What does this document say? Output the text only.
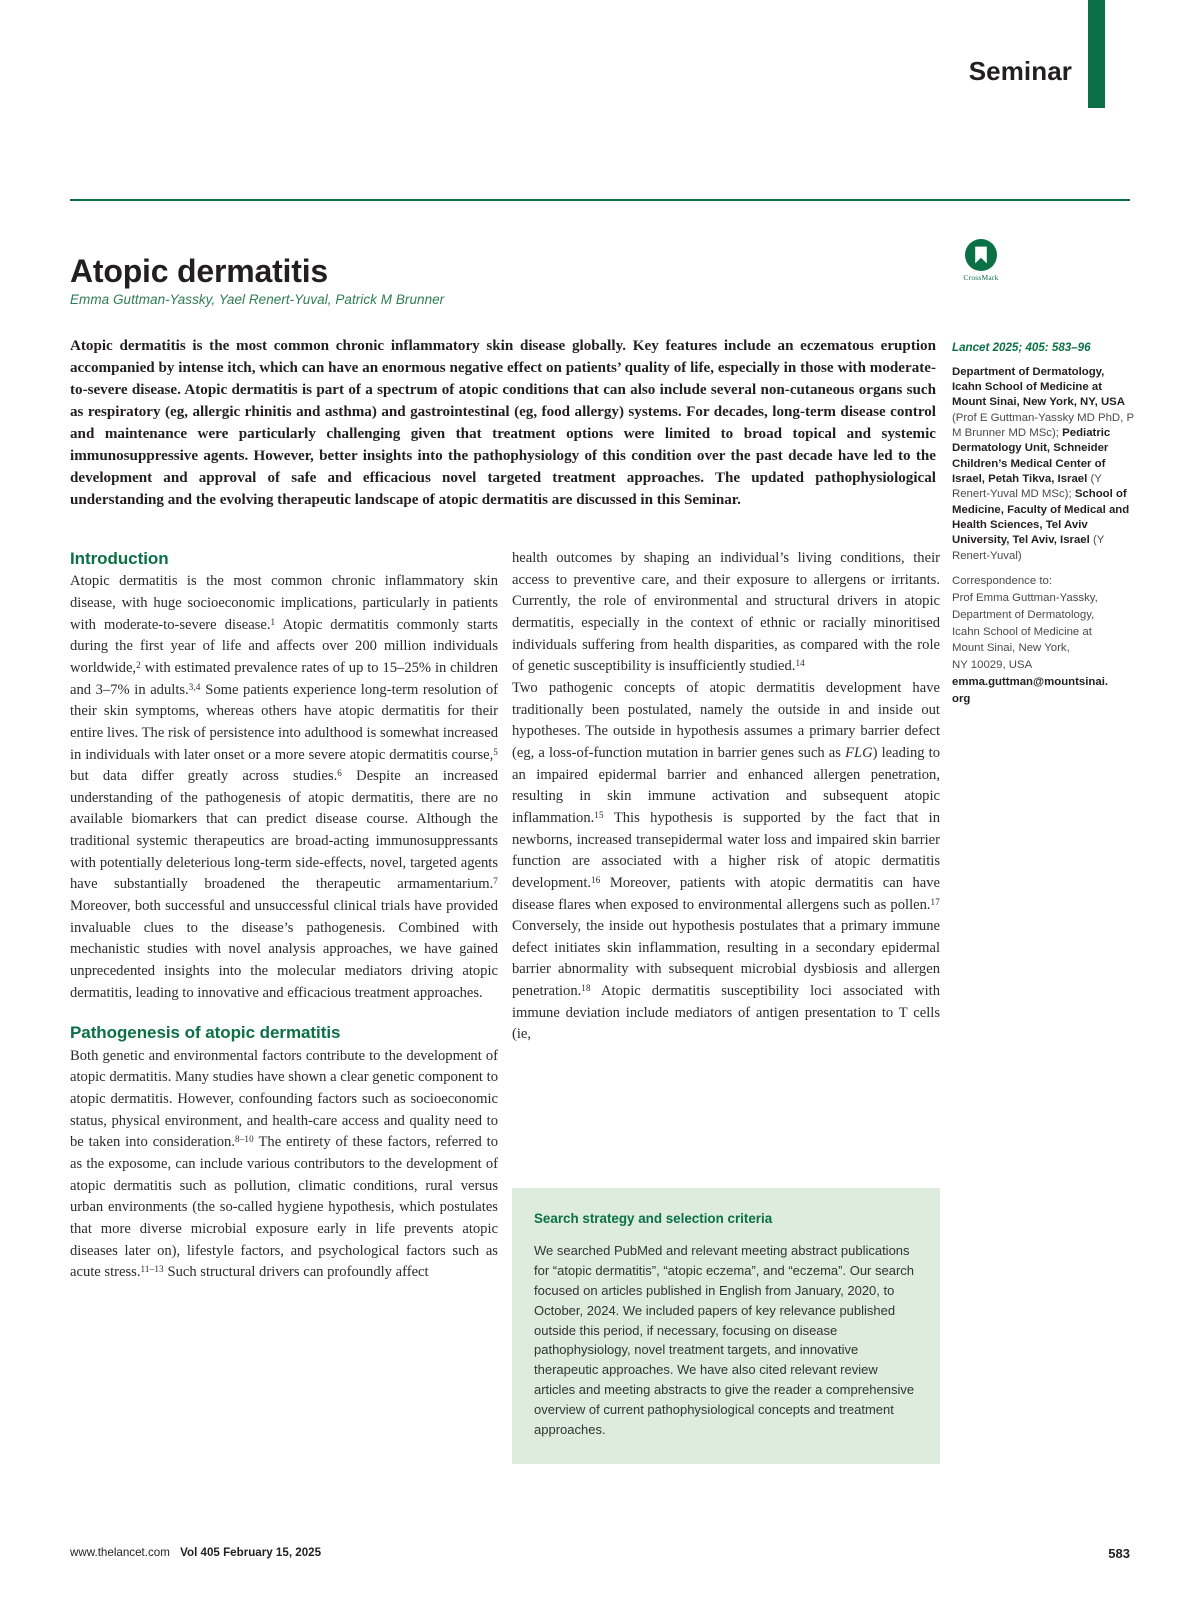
Seminar
Atopic dermatitis
Emma Guttman-Yassky, Yael Renert-Yuval, Patrick M Brunner
CrossMark
Atopic dermatitis is the most common chronic inflammatory skin disease globally. Key features include an eczematous eruption accompanied by intense itch, which can have an enormous negative effect on patients’ quality of life, especially in those with moderate-to-severe disease. Atopic dermatitis is part of a spectrum of atopic conditions that can also include several non-cutaneous organs such as respiratory (eg, allergic rhinitis and asthma) and gastrointestinal (eg, food allergy) systems. For decades, long-term disease control and maintenance were particularly challenging given that treatment options were limited to broad topical and systemic immunosuppressive agents. However, better insights into the pathophysiology of this condition over the past decade have led to the development and approval of safe and efficacious novel targeted treatment approaches. The updated pathophysiological understanding and the evolving therapeutic landscape of atopic dermatitis are discussed in this Seminar.
Introduction

Atopic dermatitis is the most common chronic inflammatory skin disease, with huge socioeconomic implications, particularly in patients with moderate-to-severe disease.$^1$ Atopic dermatitis commonly starts during the first year of life and affects over 200 million individuals worldwide,$^2$ with estimated prevalence rates of up to 15–25% in children and 3–7% in adults.$^{3,4}$ Some patients experience long-term resolution of their skin symptoms, whereas others have atopic dermatitis for their entire lives. The risk of persistence into adulthood is somewhat increased in individuals with later onset or a more severe atopic dermatitis course,$^5$ but data differ greatly across studies.$^6$ Despite an increased understanding of the pathogenesis of atopic dermatitis, there are no available biomarkers that can predict disease course. Although the traditional systemic therapeutics are broad-acting immunosuppressants with potentially deleterious long-term side-effects, novel, targeted agents have substantially broadened the therapeutic armamentarium.$^7$ Moreover, both successful and unsuccessful clinical trials have provided invaluable clues to the disease’s pathogenesis. Combined with mechanistic studies with novel analysis approaches, we have gained unprecedented insights into the molecular mediators driving atopic dermatitis, leading to innovative and efficacious treatment approaches.

Pathogenesis of atopic dermatitis

Both genetic and environmental factors contribute to the development of atopic dermatitis. Many studies have shown a clear genetic component to atopic dermatitis. However, confounding factors such as socioeconomic status, physical environment, and health-care access and quality need to be taken into consideration.$^{8-10}$ The entirety of these factors, referred to as the exposome, can include various contributors to the development of atopic dermatitis such as pollution, climatic conditions, rural versus urban environments (the so-called hygiene hypothesis, which postulates that more diverse microbial exposure early in life prevents atopic diseases later on), lifestyle factors, and psychological factors such as acute stress.$^{11-13}$ Such structural drivers can profoundly affect

health outcomes by shaping an individual’s living conditions, their access to preventive care, and their exposure to allergens or irritants. Currently, the role of environmental and structural drivers in atopic dermatitis, especially in the context of ethnic or racially minoritised individuals suffering from health disparities, as compared with the role of genetic susceptibility is insufficiently studied.$^{14}$

Two pathogenic concepts of atopic dermatitis development have traditionally been postulated, namely the outside in and inside out hypotheses. The outside in hypothesis assumes a primary barrier defect (eg, a loss-of-function mutation in barrier genes such as FLG) leading to an impaired epidermal barrier and enhanced allergen penetration, resulting in skin immune activation and subsequent atopic inflammation.$^{15}$ This hypothesis is supported by the fact that in newborns, increased transepidermal water loss and impaired skin barrier function are associated with a higher risk of atopic dermatitis development.$^{16}$ Moreover, patients with atopic dermatitis can have disease flares when exposed to environmental allergens such as pollen.$^{17}$ Conversely, the inside out hypothesis postulates that a primary immune defect initiates skin inflammation, resulting in a secondary epidermal barrier abnormality with subsequent microbial dysbiosis and allergen penetration.$^{18}$ Atopic dermatitis susceptibility loci associated with immune deviation include mediators of antigen presentation to T cells (ie,

Lancet 2025; 405: 583–96
Department of Dermatology, Icahn School of Medicine at Mount Sinai, New York, NY, USA (Prof E Guttman-Yassky MD PhD, P M Brunner MD MSc); Pediatric Dermatology Unit, Schneider Children’s Medical Center of Israel, Petah Tikva, Israel (Y Renert-Yuval MD MSc); School of Medicine, Faculty of Medical and Health Sciences, Tel Aviv University, Tel Aviv, Israel (Y Renert-Yuval)
Correspondence to:
Prof Emma Guttman-Yassky,
Department of Dermatology,
Icahn School of Medicine at
Mount Sinai, New York,
NY 10029, USA
emma.guttman@mountsinai.
org
Search strategy and selection criteria

We searched PubMed and relevant meeting abstract publications for “atopic dermatitis”, “atopic eczema”, and “eczema”. Our search focused on articles published in English from January, 2020, to October, 2024. We included papers of key relevance published outside this period, if necessary, focusing on disease pathophysiology, novel treatment targets, and innovative therapeutic approaches. We have also cited relevant review articles and meeting abstracts to give the reader a comprehensive overview of current pathophysiological concepts and treatment approaches.

www.thelancet.com Vol 405 February 15, 2025	583
